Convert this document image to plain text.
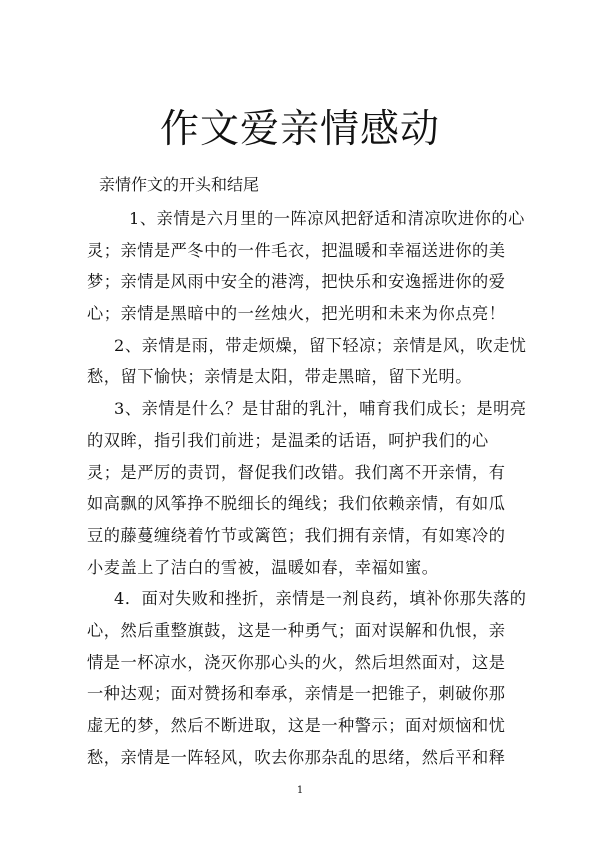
作文爱亲情感动

亲情作文的开头和结尾

1、亲情是六月里的一阵凉风把舒适和清凉吹进你的心

灵；亲情是严冬中的一件毛衣，把温暖和幸福送进你的美

梦；亲情是风雨中安全的港湾，把快乐和安逸摇进你的爱

心；亲情是黑暗中的一丝烛火，把光明和未来为你点亮！

2、亲情是雨，带走烦燥，留下轻凉；亲情是风，吹走忧

愁，留下愉快；亲情是太阳，带走黑暗，留下光明。

3、亲情是什么？是甘甜的乳汁，哺育我们成长；是明亮

的双眸，指引我们前进；是温柔的话语，呵护我们的心

灵；是严厉的责罚，督促我们改错。我们离不开亲情，有

如高飘的风筝挣不脱细长的绳线；我们依赖亲情，有如瓜

豆的藤蔓缠绕着竹节或篱笆；我们拥有亲情，有如寒冷的

小麦盖上了洁白的雪被，温暖如春，幸福如蜜。

4．面对失败和挫折，亲情是一剂良药，填补你那失落的

心，然后重整旗鼓，这是一种勇气；面对误解和仇恨，亲

情是一杯凉水，浇灭你那心头的火，然后坦然面对，这是

一种达观；面对赞扬和奉承，亲情是一把锥子，刺破你那

虚无的梦，然后不断进取，这是一种警示；面对烦恼和忧

愁，亲情是一阵轻风，吹去你那杂乱的思绪，然后平和释

1
